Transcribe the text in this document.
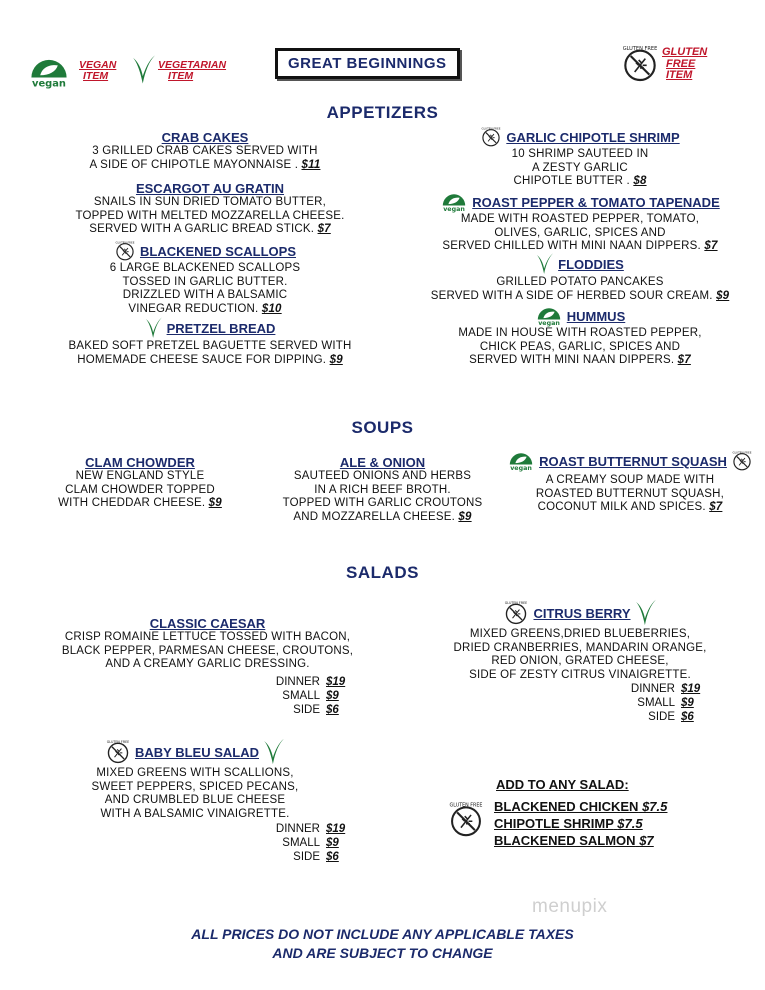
VEGAN
ITEM
VEGETARIAN
ITEM
GREAT BEGINNINGS
GLUTEN
FREE
ITEM
APPETIZERS
CRAB CAKES
3 GRILLED CRAB CAKES SERVED WITH
A SIDE OF CHIPOTLE MAYONNAISE . $11
ESCARGOT AU GRATIN
SNAILS IN SUN DRIED TOMATO BUTTER,
TOPPED WITH MELTED MOZZARELLA CHEESE.
SERVED WITH A GARLIC BREAD STICK. $7
BLACKENED SCALLOPS
6 LARGE BLACKENED SCALLOPS
TOSSED IN GARLIC BUTTER.
DRIZZLED WITH A BALSAMIC
VINEGAR REDUCTION. $10
PRETZEL BREAD
BAKED SOFT PRETZEL BAGUETTE SERVED WITH
HOMEMADE CHEESE SAUCE FOR DIPPING. $9
GARLIC CHIPOTLE SHRIMP
10 SHRIMP SAUTEED IN
A ZESTY GARLIC
CHIPOTLE BUTTER . $8
ROAST PEPPER & TOMATO TAPENADE
MADE WITH ROASTED PEPPER, TOMATO,
OLIVES, GARLIC, SPICES AND
SERVED CHILLED WITH MINI NAAN DIPPERS. $7
FLODDIES
GRILLED POTATO PANCAKES
SERVED WITH A SIDE OF HERBED SOUR CREAM. $9
HUMMUS
MADE IN HOUSE WITH ROASTED PEPPER,
CHICK PEAS, GARLIC, SPICES AND
SERVED WITH MINI NAAN DIPPERS. $7
SOUPS
CLAM CHOWDER
NEW ENGLAND STYLE
CLAM CHOWDER TOPPED
WITH CHEDDAR CHEESE. $9
ALE & ONION
SAUTEED ONIONS AND HERBS
IN A RICH BEEF BROTH.
TOPPED WITH GARLIC CROUTONS
AND MOZZARELLA CHEESE. $9
ROAST BUTTERNUT SQUASH
A CREAMY SOUP MADE WITH
ROASTED BUTTERNUT SQUASH,
COCONUT MILK AND SPICES. $7
SALADS
CLASSIC CAESAR
CRISP ROMAINE LETTUCE TOSSED WITH BACON,
BLACK PEPPER, PARMESAN CHEESE, CROUTONS,
AND A CREAMY GARLIC DRESSING.
DINNER $19
SMALL $9
SIDE $6
CITRUS BERRY
MIXED GREENS,DRIED BLUEBERRIES,
DRIED CRANBERRIES, MANDARIN ORANGE,
RED ONION, GRATED CHEESE,
SIDE OF ZESTY CITRUS VINAIGRETTE.
DINNER $19
SMALL $9
SIDE $6
BABY BLEU SALAD
MIXED GREENS WITH SCALLIONS,
SWEET PEPPERS, SPICED PECANS,
AND CRUMBLED BLUE CHEESE
WITH A BALSAMIC VINAIGRETTE.
DINNER $19
SMALL $9
SIDE $6
ADD TO ANY SALAD:
BLACKENED CHICKEN $7.5
CHIPOTLE SHRIMP $7.5
BLACKENED SALMON $7
menupix
ALL PRICES DO NOT INCLUDE ANY APPLICABLE TAXES
AND ARE SUBJECT TO CHANGE
